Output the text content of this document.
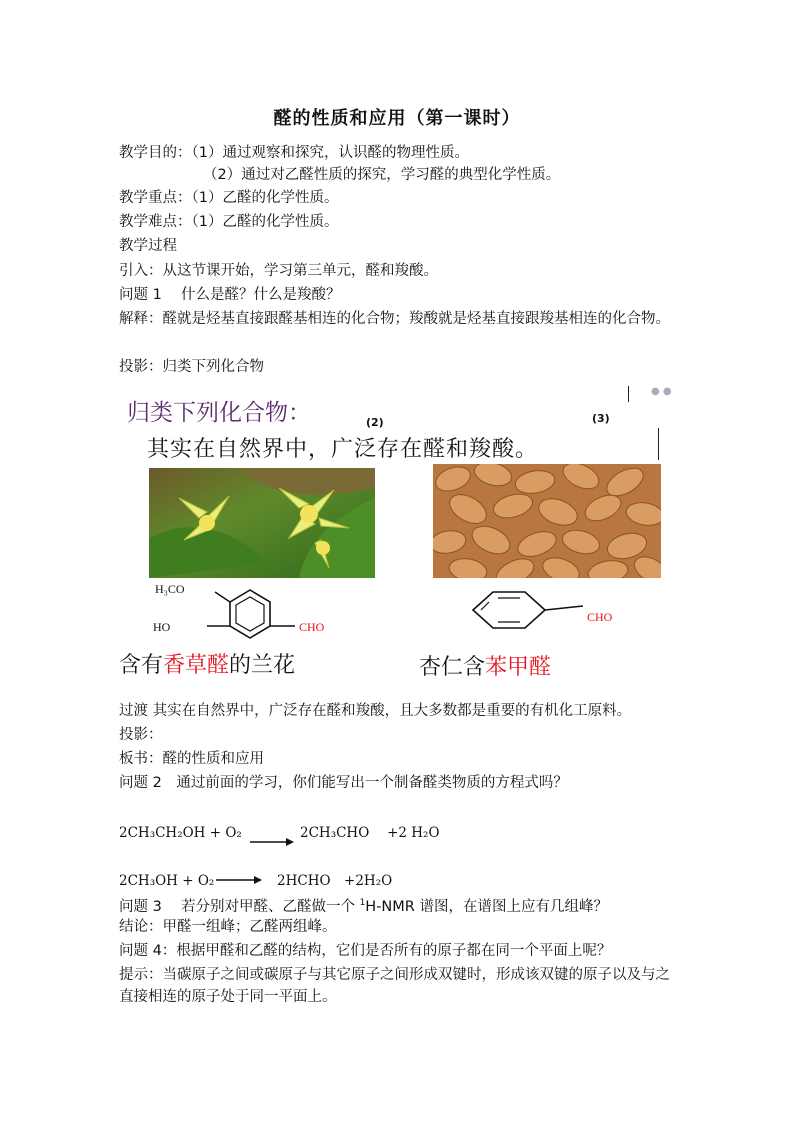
醛的性质和应用（第一课时）
教学目的：（1）通过观察和探究，认识醛的物理性质。
（2）通过对乙醛性质的探究，学习醛的典型化学性质。
教学重点：（1）乙醛的化学性质。
教学难点：（1）乙醛的化学性质。
教学过程
引入：从这节课开始，学习第三单元，醛和羧酸。
问题 1　 什么是醛？什么是羧酸？
解释：醛就是烃基直接跟醛基相连的化合物；羧酸就是烃基直接跟羧基相连的化合物。
投影：归类下列化合物
归类下列化合物：	(2)	(3)
● ●
其实在自然界中，广泛存在醛和羧酸。
H₃CO
HO	CHO
CHO
含有香草醛的兰花	杏仁含苯甲醛
过渡 其实在自然界中，广泛存在醛和羧酸，且大多数都是重要的有机化工原料。
投影：
板书：醛的性质和应用
问题 2　通过前面的学习，你们能写出一个制备醛类物质的方程式吗？
2CH₃CH₂OH + O₂ → 2CH₃CHO　 +2 H₂O
2CH₃OH + O₂ → 2HCHO　+2H₂O
问题 3　 若分别对甲醛、乙醛做一个 $^1$H-NMR 谱图，在谱图上应有几组峰？
结论：甲醛一组峰；乙醛两组峰。
问题 4：根据甲醛和乙醛的结构，它们是否所有的原子都在同一个平面上呢？
提示：当碳原子之间或碳原子与其它原子之间形成双键时，形成该双键的原子以及与之直接相连的原子处于同一平面上。
